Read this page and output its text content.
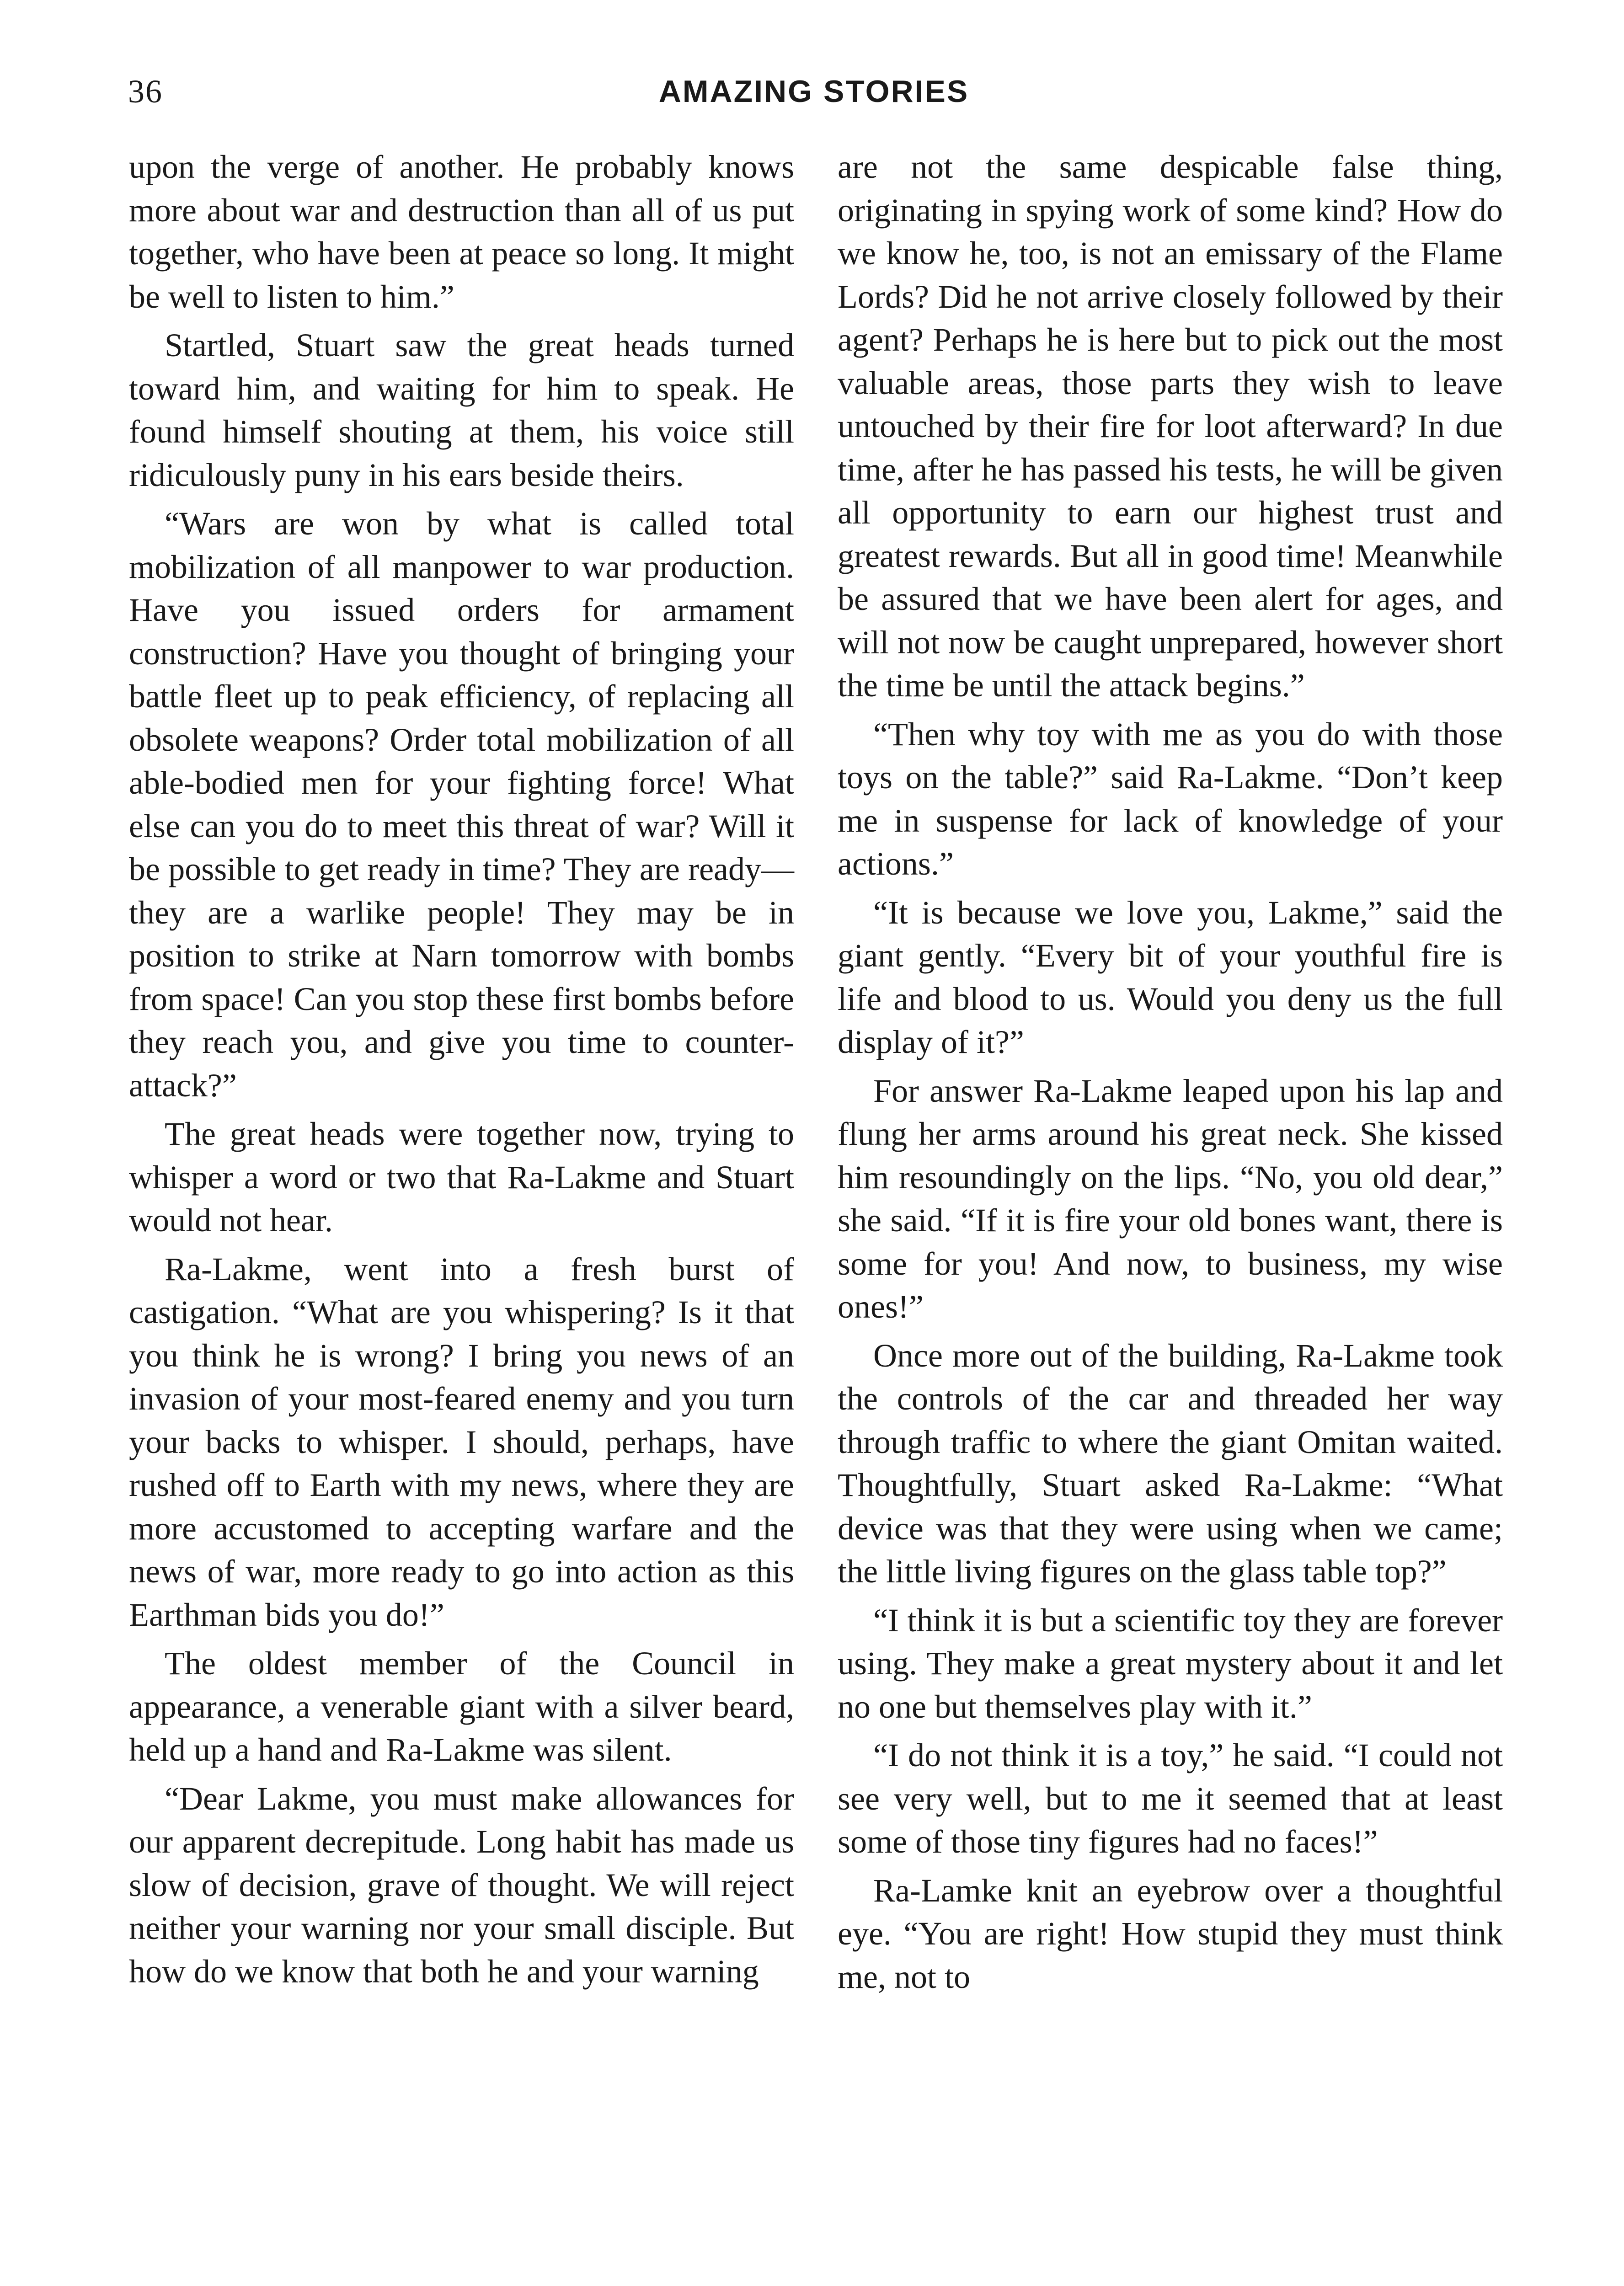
36	AMAZING STORIES

upon the verge of another. He probably knows more about war and destruction than all of us put together, who have been at peace so long. It might be well to listen to him.”

Startled, Stuart saw the great heads turned toward him, and waiting for him to speak. He found himself shouting at them, his voice still ridiculously puny in his ears beside theirs.

“Wars are won by what is called total mobilization of all manpower to war production. Have you issued orders for armament construction? Have you thought of bringing your battle fleet up to peak efficiency, of replacing all obsolete weapons? Order total mobilization of all able-bodied men for your fighting force! What else can you do to meet this threat of war? Will it be possible to get ready in time? They are ready—they are a warlike people! They may be in position to strike at Narn tomorrow with bombs from space! Can you stop these first bombs before they reach you, and give you time to counter-attack?”

The great heads were together now, trying to whisper a word or two that Ra-Lakme and Stuart would not hear.

Ra-Lakme, went into a fresh burst of castigation. “What are you whispering? Is it that you think he is wrong? I bring you news of an invasion of your most-feared enemy and you turn your backs to whisper. I should, perhaps, have rushed off to Earth with my news, where they are more accustomed to accepting warfare and the news of war, more ready to go into action as this Earthman bids you do!”

The oldest member of the Council in appearance, a venerable giant with a silver beard, held up a hand and Ra-Lakme was silent.

“Dear Lakme, you must make allowances for our apparent decrepitude. Long habit has made us slow of decision, grave of thought. We will reject neither your warning nor your small disciple. But how do we know that both he and your warning

are not the same despicable false thing, originating in spying work of some kind? How do we know he, too, is not an emissary of the Flame Lords? Did he not arrive closely followed by their agent? Perhaps he is here but to pick out the most valuable areas, those parts they wish to leave untouched by their fire for loot afterward? In due time, after he has passed his tests, he will be given all opportunity to earn our highest trust and greatest rewards. But all in good time! Meanwhile be assured that we have been alert for ages, and will not now be caught unprepared, however short the time be until the attack begins.”

“Then why toy with me as you do with those toys on the table?” said Ra-Lakme. “Don’t keep me in suspense for lack of knowledge of your actions.”

“It is because we love you, Lakme,” said the giant gently. “Every bit of your youthful fire is life and blood to us. Would you deny us the full display of it?”

For answer Ra-Lakme leaped upon his lap and flung her arms around his great neck. She kissed him resoundingly on the lips. “No, you old dear,” she said. “If it is fire your old bones want, there is some for you! And now, to business, my wise ones!”

Once more out of the building, Ra-Lakme took the controls of the car and threaded her way through traffic to where the giant Omitan waited. Thoughtfully, Stuart asked Ra-Lakme: “What device was that they were using when we came; the little living figures on the glass table top?”

“I think it is but a scientific toy they are forever using. They make a great mystery about it and let no one but themselves play with it.”

“I do not think it is a toy,” he said. “I could not see very well, but to me it seemed that at least some of those tiny figures had no faces!”

Ra-Lamke knit an eyebrow over a thoughtful eye. “You are right! How stupid they must think me, not to
